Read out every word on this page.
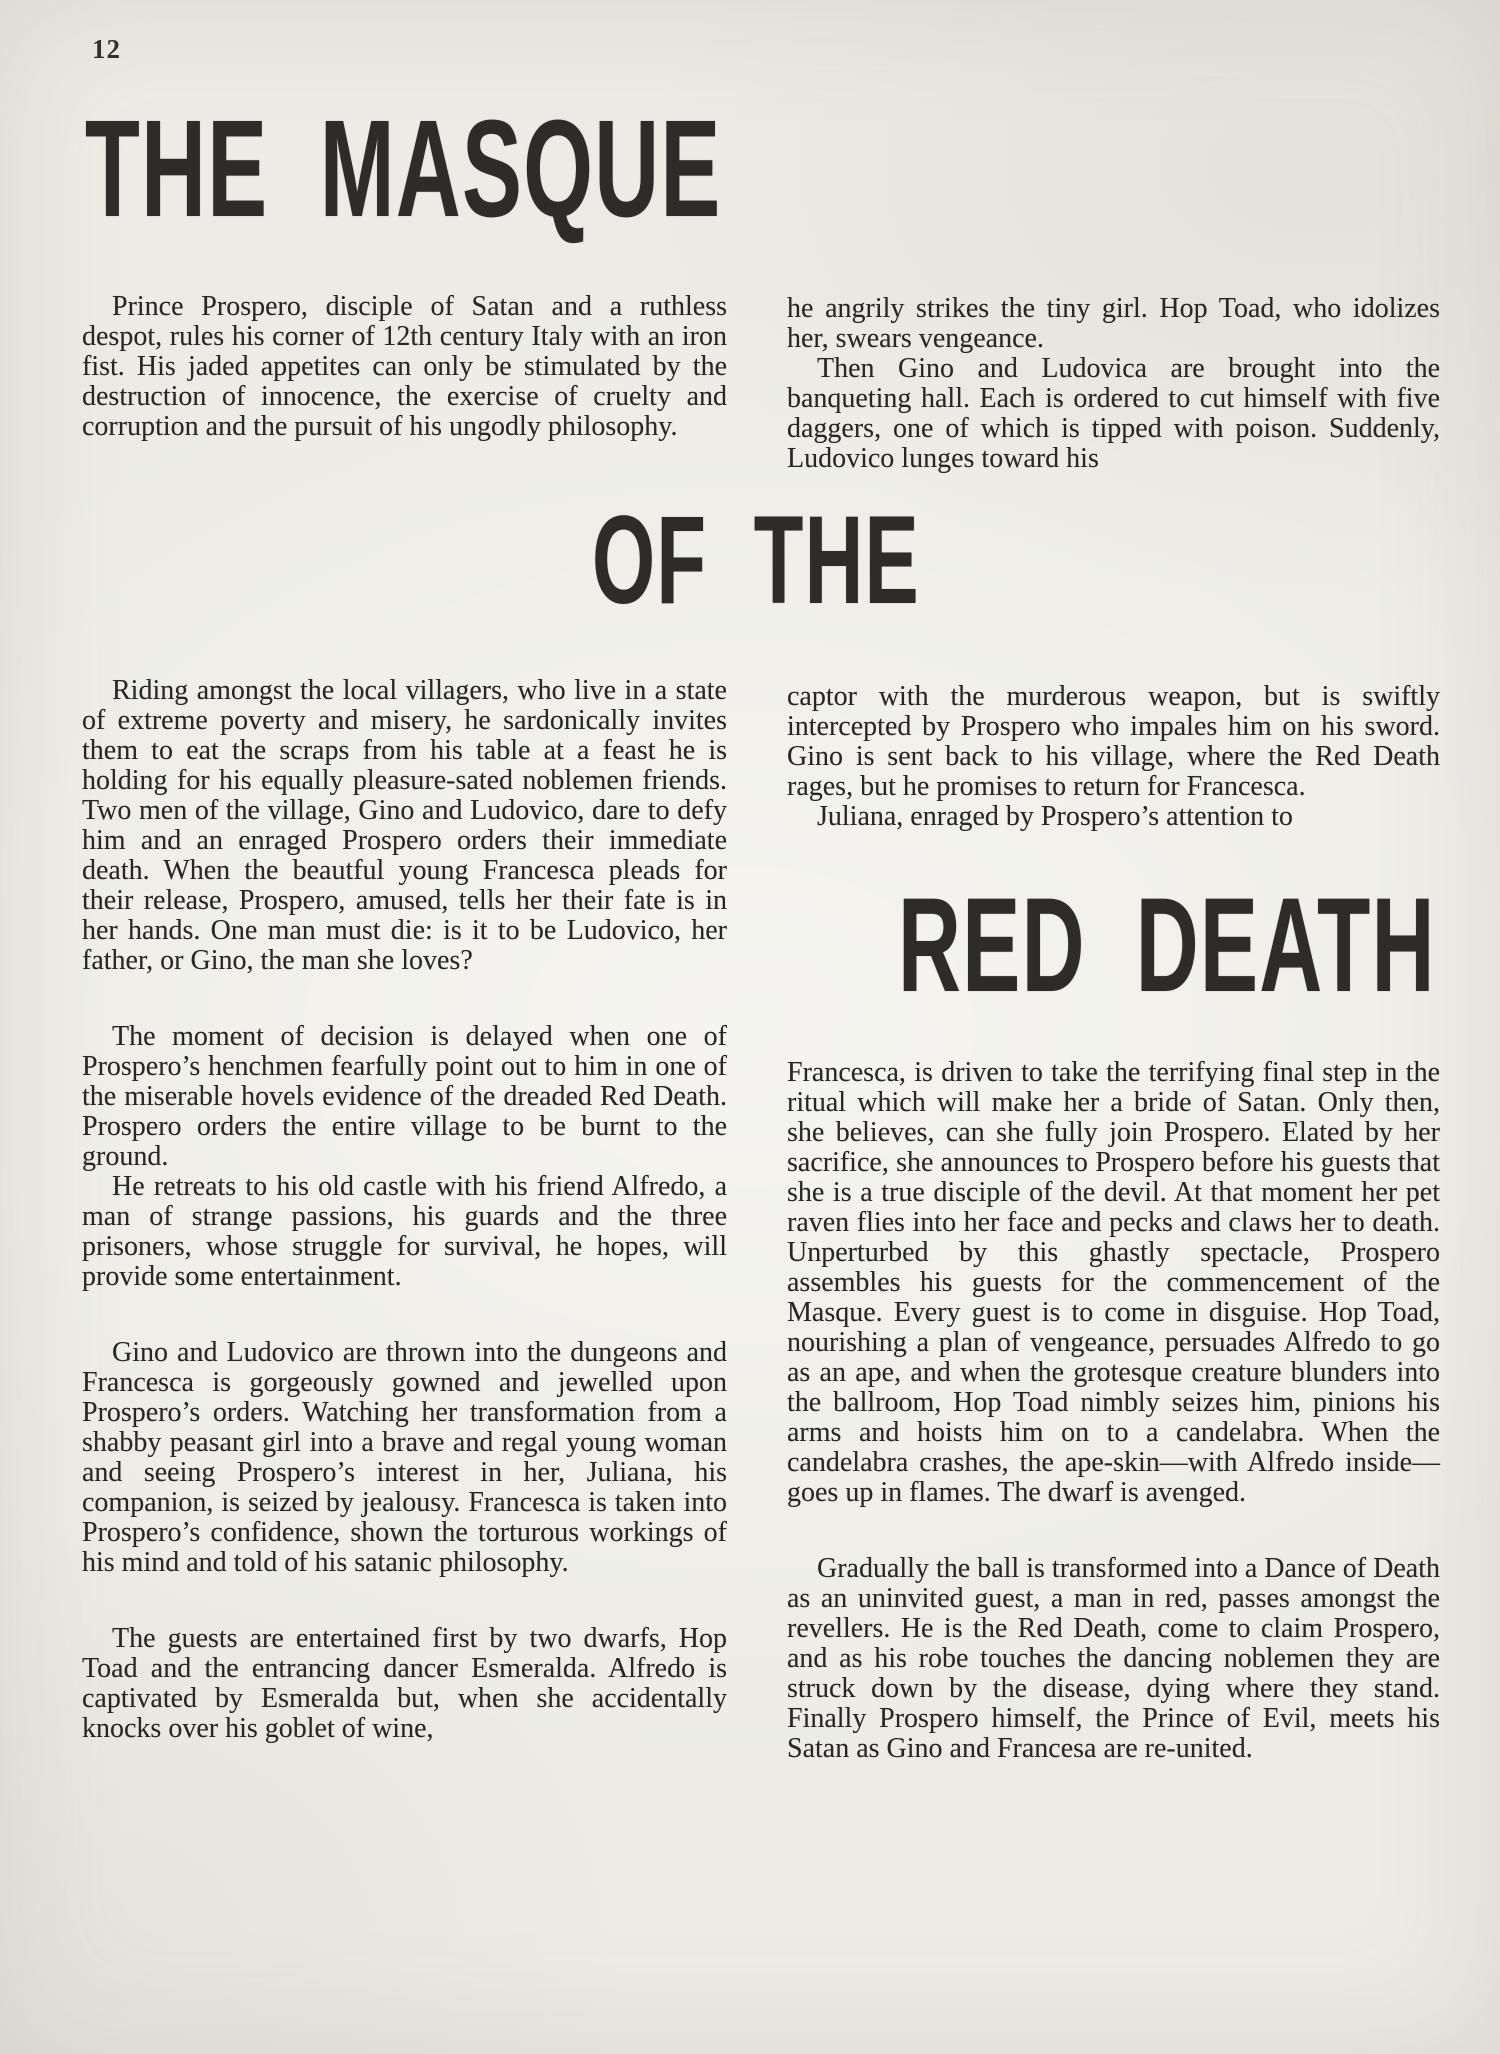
12
THE MASQUE

Prince Prospero, disciple of Satan and a ruthless despot, rules his corner of 12th century Italy with an iron fist. His jaded appetites can only be stimulated by the destruction of innocence, the exercise of cruelty and corruption and the pursuit of his ungodly philosophy.

he angrily strikes the tiny girl. Hop Toad, who idolizes her, swears vengeance.

Then Gino and Ludovica are brought into the banqueting hall. Each is ordered to cut himself with five daggers, one of which is tipped with poison. Suddenly, Ludovico lunges toward his

OF THE

Riding amongst the local villagers, who live in a state of extreme poverty and misery, he sardonically invites them to eat the scraps from his table at a feast he is holding for his equally pleasure-sated noblemen friends. Two men of the village, Gino and Ludovico, dare to defy him and an enraged Prospero orders their immediate death. When the beautful young Francesca pleads for their release, Prospero, amused, tells her their fate is in her hands. One man must die: is it to be Ludovico, her father, or Gino, the man she loves?

The moment of decision is delayed when one of Prospero’s henchmen fearfully point out to him in one of the miserable hovels evidence of the dreaded Red Death. Prospero orders the entire village to be burnt to the ground.

He retreats to his old castle with his friend Alfredo, a man of strange passions, his guards and the three prisoners, whose struggle for survival, he hopes, will provide some entertainment.

Gino and Ludovico are thrown into the dungeons and Francesca is gorgeously gowned and jewelled upon Prospero’s orders. Watching her transformation from a shabby peasant girl into a brave and regal young woman and seeing Prospero’s interest in her, Juliana, his companion, is seized by jealousy. Francesca is taken into Prospero’s confidence, shown the torturous workings of his mind and told of his satanic philosophy.

The guests are entertained first by two dwarfs, Hop Toad and the entrancing dancer Esmeralda. Alfredo is captivated by Esmeralda but, when she accidentally knocks over his goblet of wine,

captor with the murderous weapon, but is swiftly intercepted by Prospero who impales him on his sword. Gino is sent back to his village, where the Red Death rages, but he promises to return for Francesca.

Juliana, enraged by Prospero’s attention to

RED DEATH

Francesca, is driven to take the terrifying final step in the ritual which will make her a bride of Satan. Only then, she believes, can she fully join Prospero. Elated by her sacrifice, she announces to Prospero before his guests that she is a true disciple of the devil. At that moment her pet raven flies into her face and pecks and claws her to death. Unperturbed by this ghastly spectacle, Prospero assembles his guests for the commencement of the Masque. Every guest is to come in disguise. Hop Toad, nourishing a plan of vengeance, persuades Alfredo to go as an ape, and when the grotesque creature blunders into the ballroom, Hop Toad nimbly seizes him, pinions his arms and hoists him on to a candelabra. When the candelabra crashes, the ape-skin—with Alfredo inside—goes up in flames. The dwarf is avenged.

Gradually the ball is transformed into a Dance of Death as an uninvited guest, a man in red, passes amongst the revellers. He is the Red Death, come to claim Prospero, and as his robe touches the dancing noblemen they are struck down by the disease, dying where they stand. Finally Prospero himself, the Prince of Evil, meets his Satan as Gino and Francesa are re-united.
